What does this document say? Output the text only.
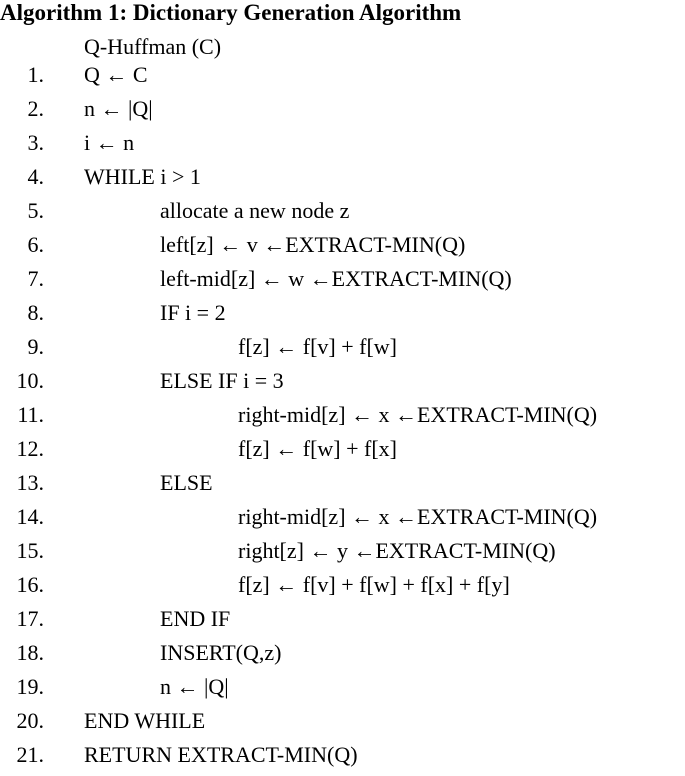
Algorithm 1: Dictionary Generation Algorithm
Q-Huffman (C)
1. Q ← C
2. n ← |Q|
3. i ← n
4. WHILE i > 1
5.	allocate a new node z
6.	left[z] ← v ←EXTRACT-MIN(Q)
7.	left-mid[z] ← w ←EXTRACT-MIN(Q)
8.	IF i = 2
9.	f[z] ← f[v] + f[w]
10.	ELSE IF i = 3
11.	right-mid[z] ← x ←EXTRACT-MIN(Q)
12.	f[z] ← f[w] + f[x]
13.	ELSE
14.	right-mid[z] ← x ←EXTRACT-MIN(Q)
15.	right[z] ← y ←EXTRACT-MIN(Q)
16.	f[z] ← f[v] + f[w] + f[x] + f[y]
17.	END IF
18.	INSERT(Q,z)
19.	n ← |Q|
20. END WHILE
21. RETURN EXTRACT-MIN(Q)
